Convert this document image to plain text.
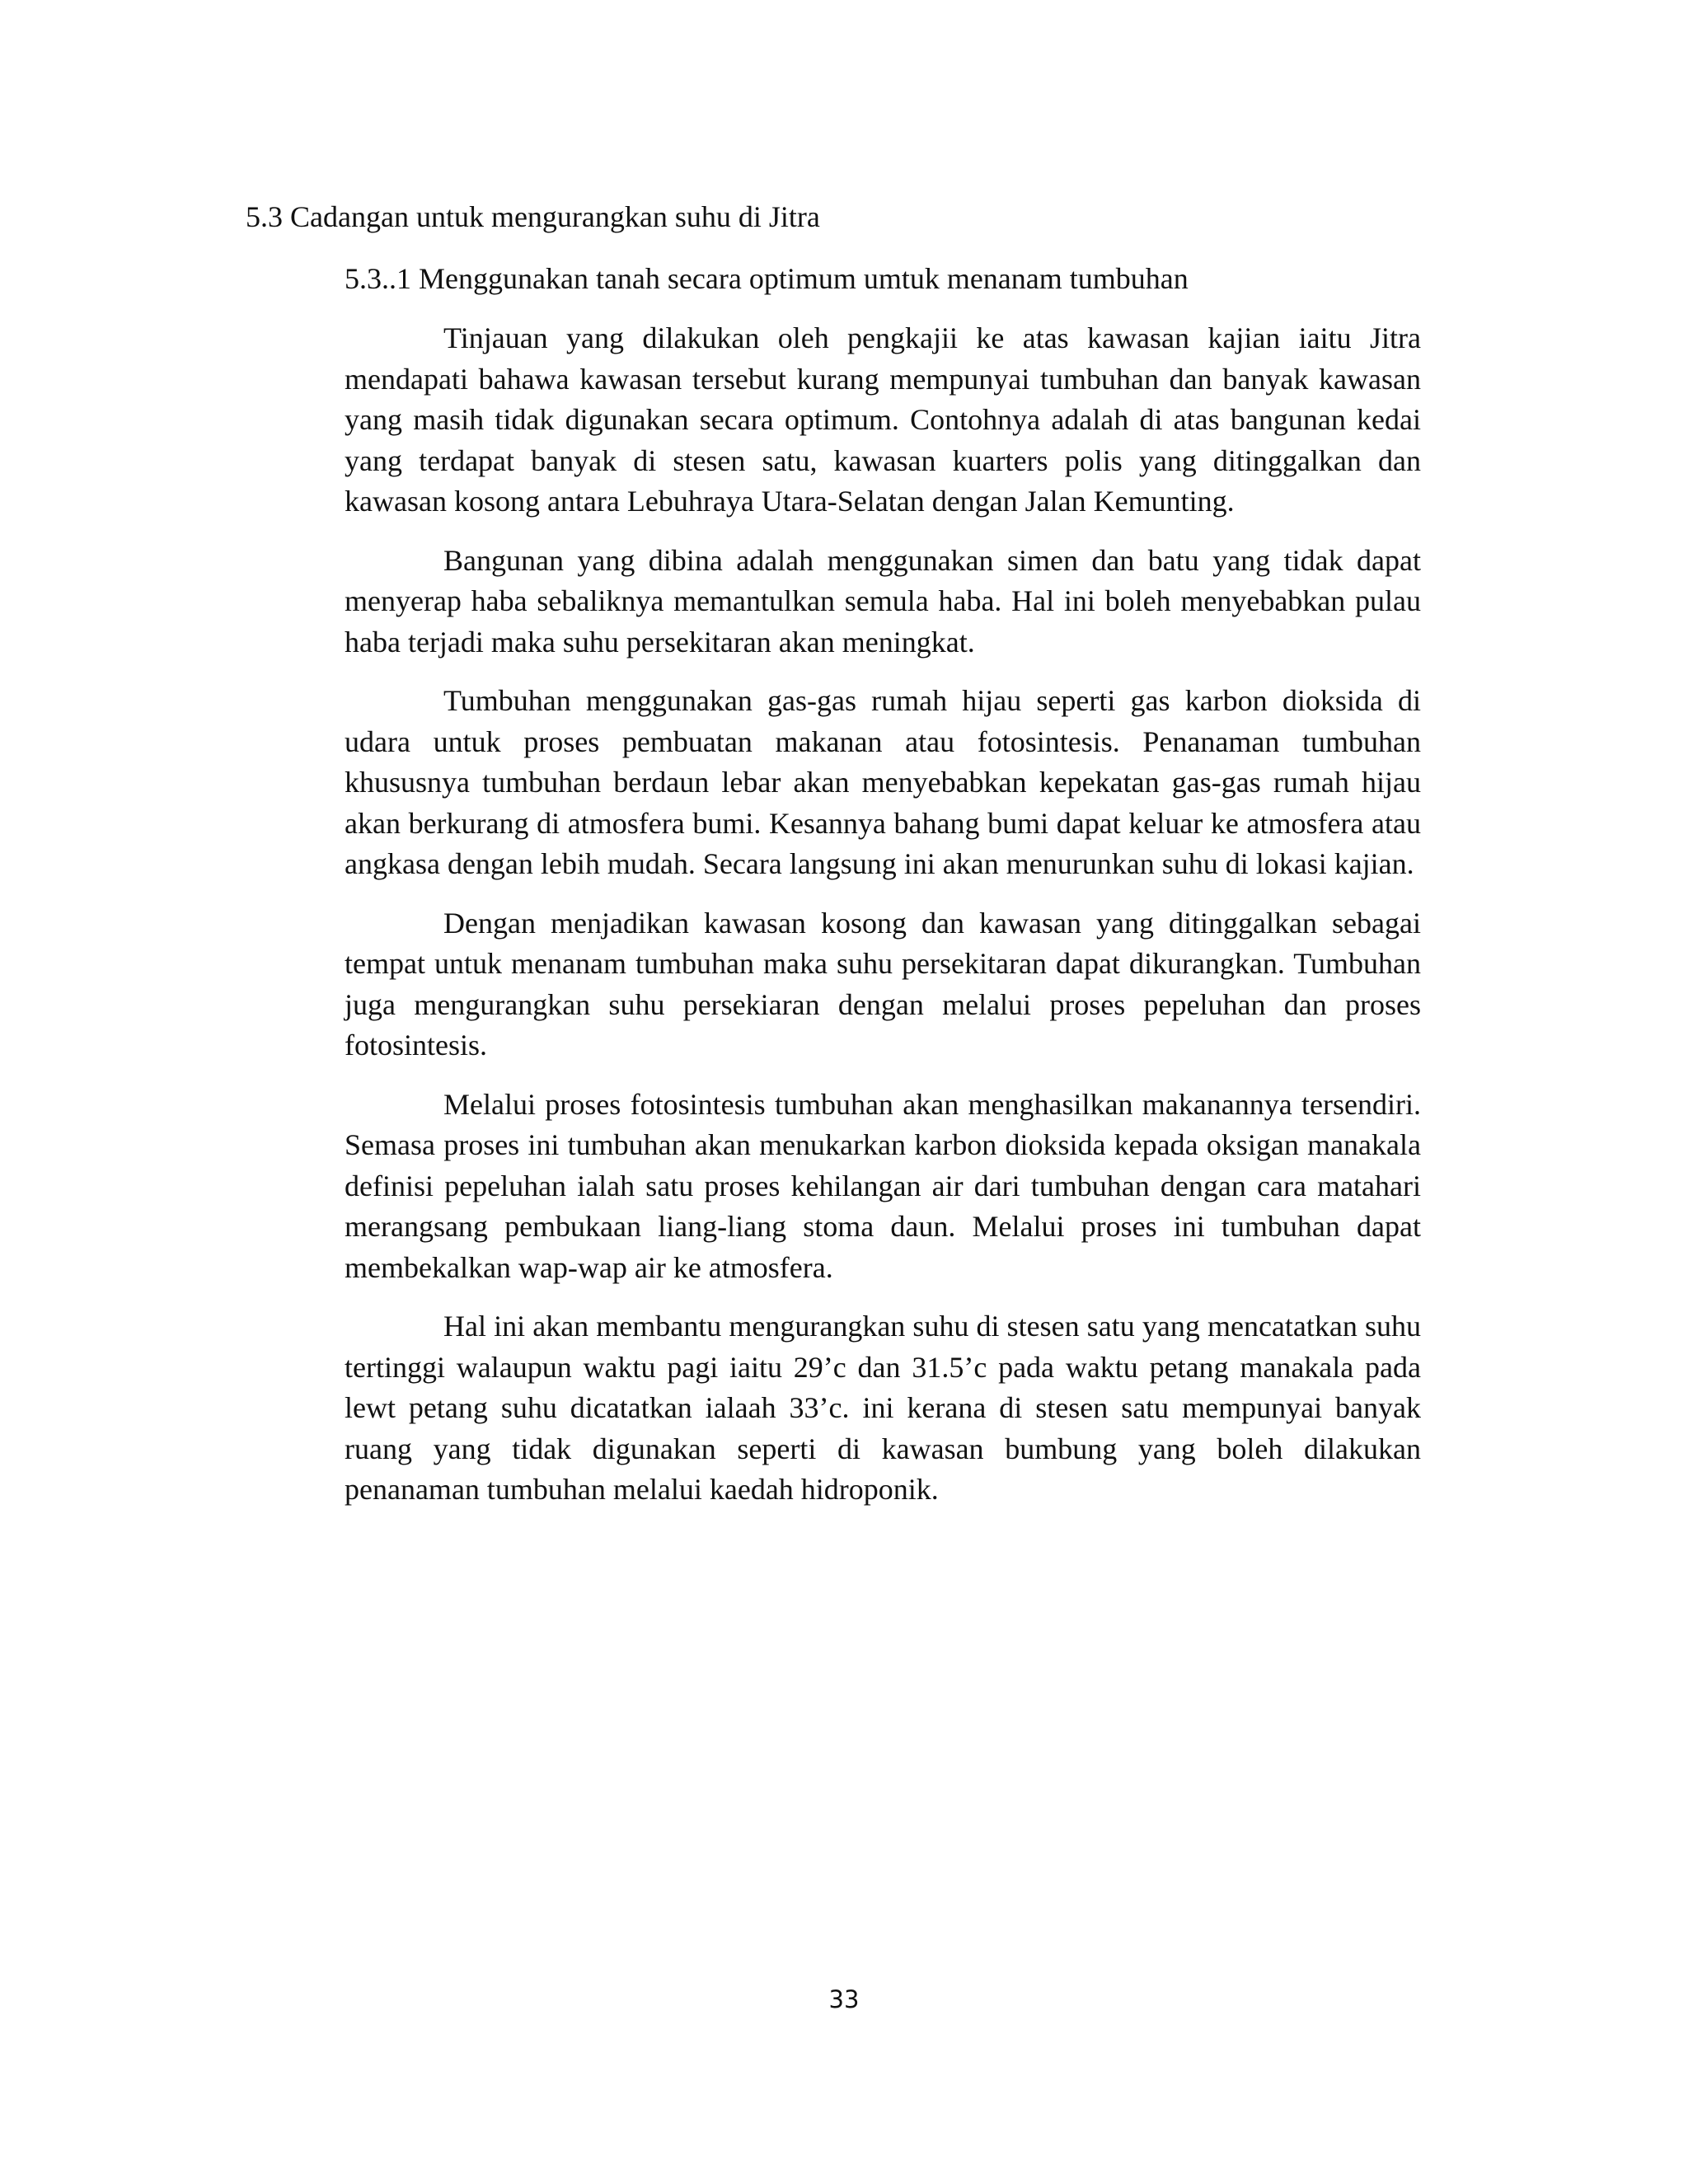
5.3 Cadangan untuk mengurangkan suhu di Jitra
5.3..1 Menggunakan tanah secara optimum umtuk menanam tumbuhan

Tinjauan yang dilakukan oleh pengkajii ke atas kawasan kajian iaitu Jitra mendapati bahawa kawasan tersebut kurang mempunyai tumbuhan dan banyak kawasan yang masih tidak digunakan secara optimum. Contohnya adalah di atas bangunan kedai yang terdapat banyak di stesen satu, kawasan kuarters polis yang ditinggalkan dan kawasan kosong antara Lebuhraya Utara-Selatan dengan Jalan Kemunting.

Bangunan yang dibina adalah menggunakan simen dan batu yang tidak dapat menyerap haba sebaliknya memantulkan semula haba. Hal ini boleh menyebabkan pulau haba terjadi maka suhu persekitaran akan meningkat.

Tumbuhan menggunakan gas-gas rumah hijau seperti gas karbon dioksida di udara untuk proses pembuatan makanan atau fotosintesis. Penanaman tumbuhan khususnya tumbuhan berdaun lebar akan menyebabkan kepekatan gas-gas rumah hijau akan berkurang di atmosfera bumi. Kesannya bahang bumi dapat keluar ke atmosfera atau angkasa dengan lebih mudah. Secara langsung ini akan menurunkan suhu di lokasi kajian.

Dengan menjadikan kawasan kosong dan kawasan yang ditinggalkan sebagai tempat untuk menanam tumbuhan maka suhu persekitaran dapat dikurangkan. Tumbuhan juga mengurangkan suhu persekiaran dengan melalui proses pepeluhan dan proses fotosintesis.

Melalui proses fotosintesis tumbuhan akan menghasilkan makanannya tersendiri. Semasa proses ini tumbuhan akan menukarkan karbon dioksida kepada oksigan manakala definisi pepeluhan ialah satu proses kehilangan air dari tumbuhan dengan cara matahari merangsang pembukaan liang-liang stoma daun. Melalui proses ini tumbuhan dapat membekalkan wap-wap air ke atmosfera.

Hal ini akan membantu mengurangkan suhu di stesen satu yang mencatatkan suhu tertinggi walaupun waktu pagi iaitu 29’c dan 31.5’c pada waktu petang manakala pada lewt petang suhu dicatatkan ialaah 33’c. ini kerana di stesen satu mempunyai banyak ruang yang tidak digunakan seperti di kawasan bumbung yang boleh dilakukan penanaman tumbuhan melalui kaedah hidroponik.

33
